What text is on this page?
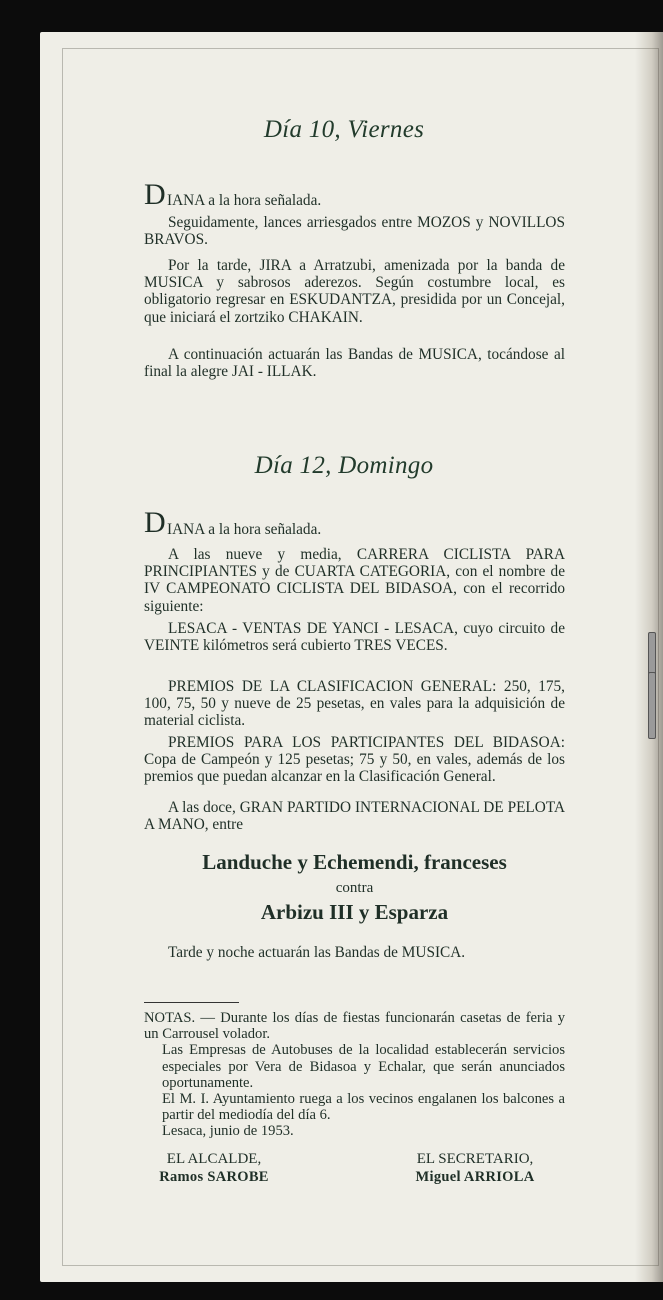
Día 10, Viernes
D IANA a la hora señalada.
Seguidamente, lances arriesgados entre MOZOS y NOVILLOS BRAVOS.
Por la tarde, JIRA a Arratzubi, amenizada por la banda de MUSICA y sabrosos aderezos. Según costumbre local, es obligatorio regresar en ESKUDANTZA, presidida por un Concejal, que iniciará el zortziko CHAKAIN.
A continuación actuarán las Bandas de MUSICA, tocándose al final la alegre JAI - ILLAK.
Día 12, Domingo
D IANA a la hora señalada.
A las nueve y media, CARRERA CICLISTA PARA PRINCIPIANTES y de CUARTA CATEGORIA, con el nombre de IV CAMPEONATO CICLISTA DEL BIDASOA, con el recorrido siguiente:
LESACA - VENTAS DE YANCI - LESACA, cuyo circuito de VEINTE kilómetros será cubierto TRES VECES.
PREMIOS DE LA CLASIFICACION GENERAL: 250, 175, 100, 75, 50 y nueve de 25 pesetas, en vales para la adquisición de material ciclista.
PREMIOS PARA LOS PARTICIPANTES DEL BIDASOA: Copa de Campeón y 125 pesetas; 75 y 50, en vales, además de los premios que puedan alcanzar en la Clasificación General.
A las doce, GRAN PARTIDO INTERNACIONAL DE PELOTA A MANO, entre
Landuche y Echemendi, franceses
contra
Arbizu III y Esparza
Tarde y noche actuarán las Bandas de MUSICA.
NOTAS. — Durante los días de fiestas funcionarán casetas de feria y un Carrousel volador.
Las Empresas de Autobuses de la localidad establecerán servicios especiales por Vera de Bidasoa y Echalar, que serán anunciados oportunamente.
El M. I. Ayuntamiento ruega a los vecinos engalanen los balcones a partir del mediodía del día 6.
Lesaca, junio de 1953.
EL ALCALDE,
Ramos SAROBE
EL SECRETARIO,
Miguel ARRIOLA
